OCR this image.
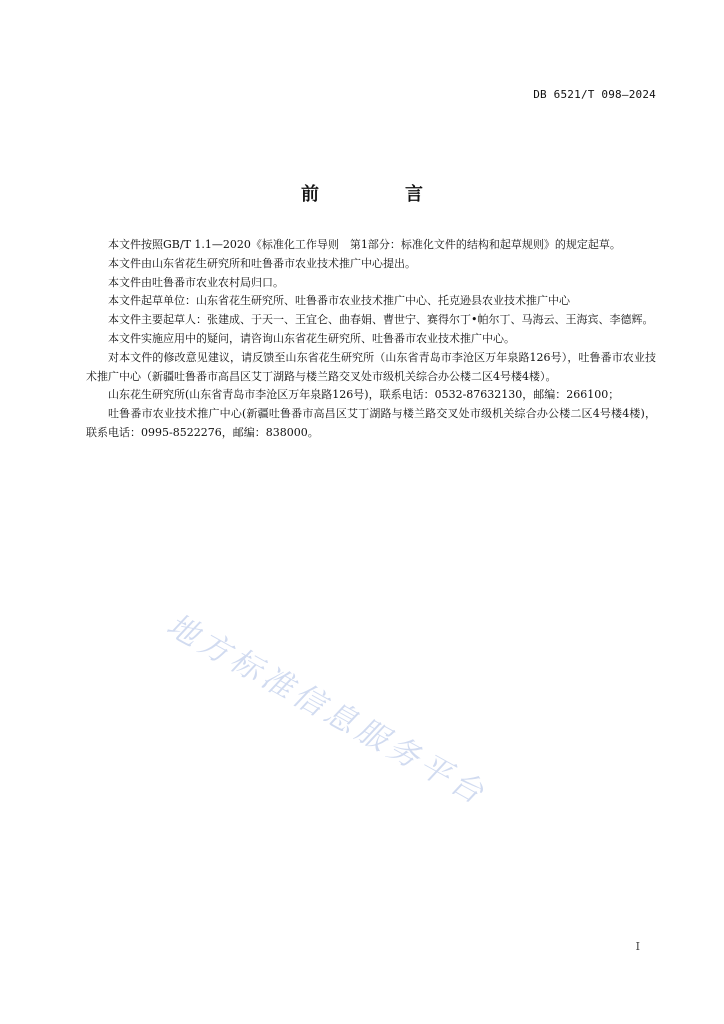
DB 6521/T 098—2024
前　言

本文件按照GB/T 1.1—2020《标准化工作导则　第1部分：标准化文件的结构和起草规则》的规定起草。

本文件由山东省花生研究所和吐鲁番市农业技术推广中心提出。

本文件由吐鲁番市农业农村局归口。

本文件起草单位：山东省花生研究所、吐鲁番市农业技术推广中心、托克逊县农业技术推广中心

本文件主要起草人：张建成、于天一、王宜仑、曲春娟、曹世宁、赛得尔丁•帕尔丁、马海云、王海宾、李德辉。

本文件实施应用中的疑问，请咨询山东省花生研究所、吐鲁番市农业技术推广中心。

对本文件的修改意见建议，请反馈至山东省花生研究所（山东省青岛市李沧区万年泉路126号），吐鲁番市农业技术推广中心（新疆吐鲁番市高昌区艾丁湖路与楼兰路交叉处市级机关综合办公楼二区4号楼4楼）。

山东花生研究所(山东省青岛市李沧区万年泉路126号)，联系电话：0532-87632130，邮编：266100；

吐鲁番市农业技术推广中心(新疆吐鲁番市高昌区艾丁湖路与楼兰路交叉处市级机关综合办公楼二区4号楼4楼)，联系电话：0995-8522276，邮编：838000。

地方标准信息服务平台
I
